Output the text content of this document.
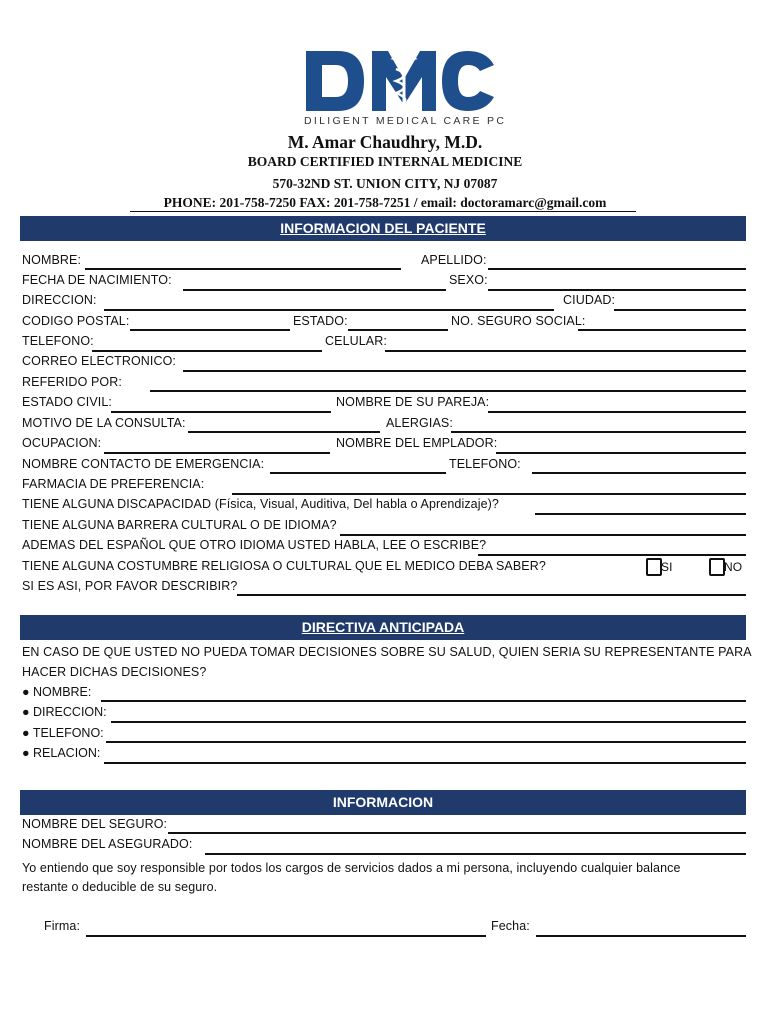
DILIGENT MEDICAL CARE PC
M. Amar Chaudhry, M.D.
BOARD CERTIFIED INTERNAL MEDICINE
570-32ND ST. UNION CITY, NJ 07087
PHONE: 201-758-7250 FAX: 201-758-7251 / email: doctoramarc@gmail.com
INFORMACION DEL PACIENTE
NOMBRE:	APELLIDO:
FECHA DE NACIMIENTO:	SEXO:
DIRECCION:	CIUDAD:
CODIGO POSTAL:	ESTADO:	NO. SEGURO SOCIAL:
TELEFONO:	CELULAR:
CORREO ELECTRONICO:
REFERIDO POR:
ESTADO CIVIL:	NOMBRE DE SU PAREJA:
MOTIVO DE LA CONSULTA:	ALERGIAS:
OCUPACION:	NOMBRE DEL EMPLADOR:
NOMBRE CONTACTO DE EMERGENCIA:	TELEFONO:
FARMACIA DE PREFERENCIA:
TIENE ALGUNA DISCAPACIDAD (Física, Visual, Auditiva, Del habla o Aprendizaje)?
TIENE ALGUNA BARRERA CULTURAL O DE IDIOMA?
ADEMAS DEL ESPAÑOL QUE OTRO IDIOMA USTED HABLA, LEE O ESCRIBE?
TIENE ALGUNA COSTUMBRE RELIGIOSA O CULTURAL QUE EL MEDICO DEBA SABER?	SI	NO
SI ES ASI, POR FAVOR DESCRIBIR?
DIRECTIVA ANTICIPADA
EN CASO DE QUE USTED NO PUEDA TOMAR DECISIONES SOBRE SU SALUD, QUIEN SERIA SU REPRESENTANTE PARA
HACER DICHAS DECISIONES?
● NOMBRE:
● DIRECCION:
● TELEFONO:
● RELACION:
INFORMACION
NOMBRE DEL SEGURO:
NOMBRE DEL ASEGURADO:
Yo entiendo que soy responsible por todos los cargos de servicios dados a mi persona, incluyendo cualquier balance
restante o deducible de su seguro.
Firma:	Fecha:
